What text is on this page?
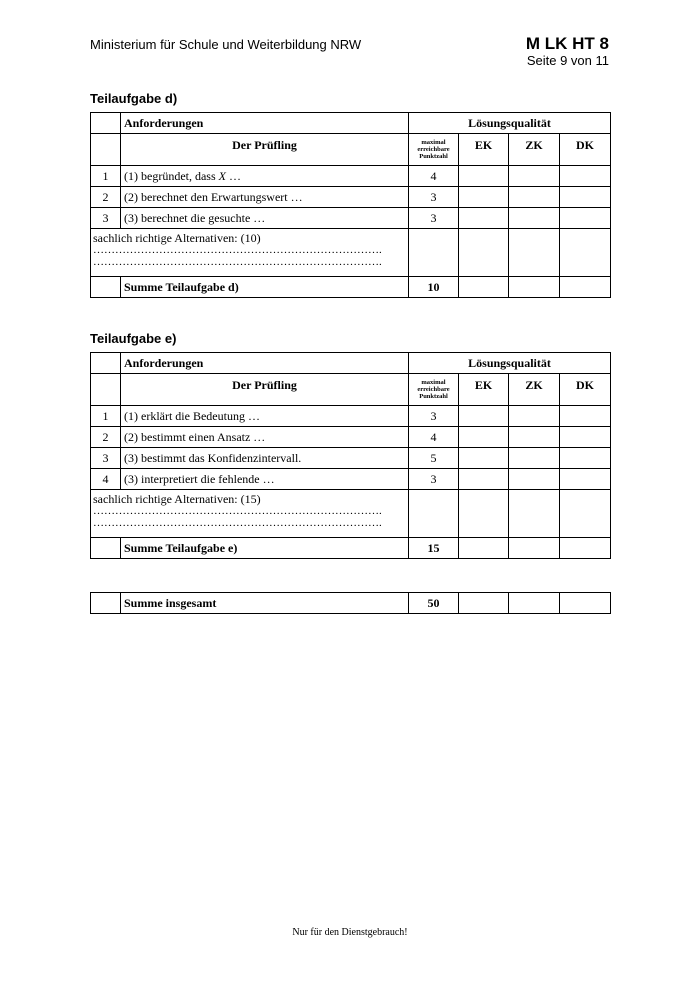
Ministerium für Schule und Weiterbildung NRW	M LK HT 8
Seite 9 von 11
Teilaufgabe d)
	Anforderungen	Lösungsqualität			
	Der Prüfling	maximal
erreichbare
Punktzahl	EK	ZK	DK
1	(1) begründet, dass X …	4			
2	(2) berechnet den Erwartungswert …	3			
3	(3) berechnet die gesuchte …	3			
sachlich richtige Alternativen: (10)
…………………………………………………………………….
…………………………………………………………………….					

	Summe Teilaufgabe d)	10			
Teilaufgabe e)
	Anforderungen	Lösungsqualität			
	Der Prüfling	maximal
erreichbare
Punktzahl	EK	ZK	DK
1	(1) erklärt die Bedeutung …	3			
2	(2) bestimmt einen Ansatz …	4			
3	(3) bestimmt das Konfidenzintervall.	5			
4	(3) interpretiert die fehlende …	3			
sachlich richtige Alternativen: (15)
…………………………………………………………………….
…………………………………………………………………….					

	Summe Teilaufgabe e)	15			
	Summe insgesamt	50			
Nur für den Dienstgebrauch!
